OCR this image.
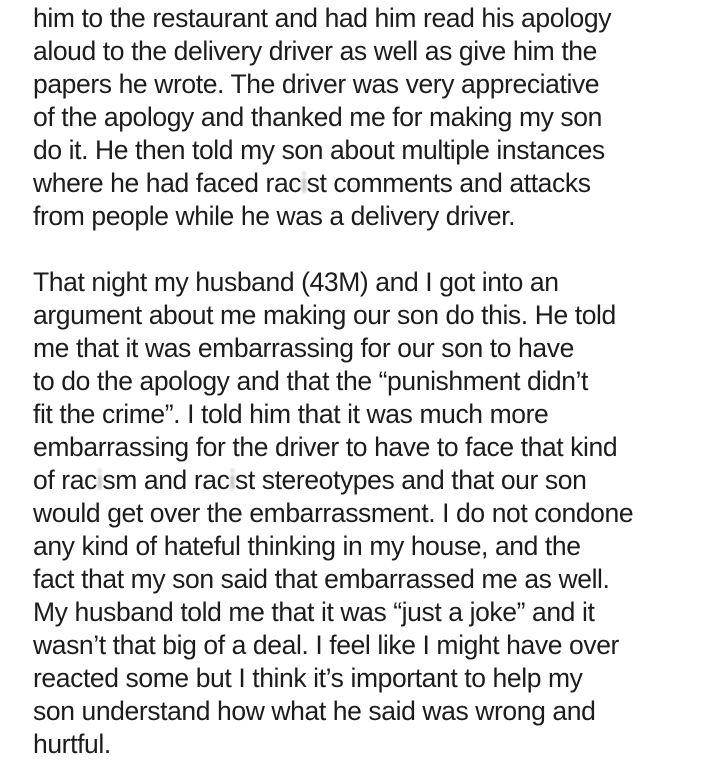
him to the restaurant and had him read his apology
aloud to the delivery driver as well as give him the
papers he wrote. The driver was very appreciative
of the apology and thanked me for making my son
do it. He then told my son about multiple instances
where he had faced racist comments and attacks
from people while he was a delivery driver.

That night my husband (43M) and I got into an
argument about me making our son do this. He told
me that it was embarrassing for our son to have
to do the apology and that the “punishment didn’t
fit the crime”. I told him that it was much more
embarrassing for the driver to have to face that kind
of racism and racist stereotypes and that our son
would get over the embarrassment. I do not condone
any kind of hateful thinking in my house, and the
fact that my son said that embarrassed me as well.
My husband told me that it was “just a joke” and it
wasn’t that big of a deal. I feel like I might have over
reacted some but I think it’s important to help my
son understand how what he said was wrong and
hurtful.
